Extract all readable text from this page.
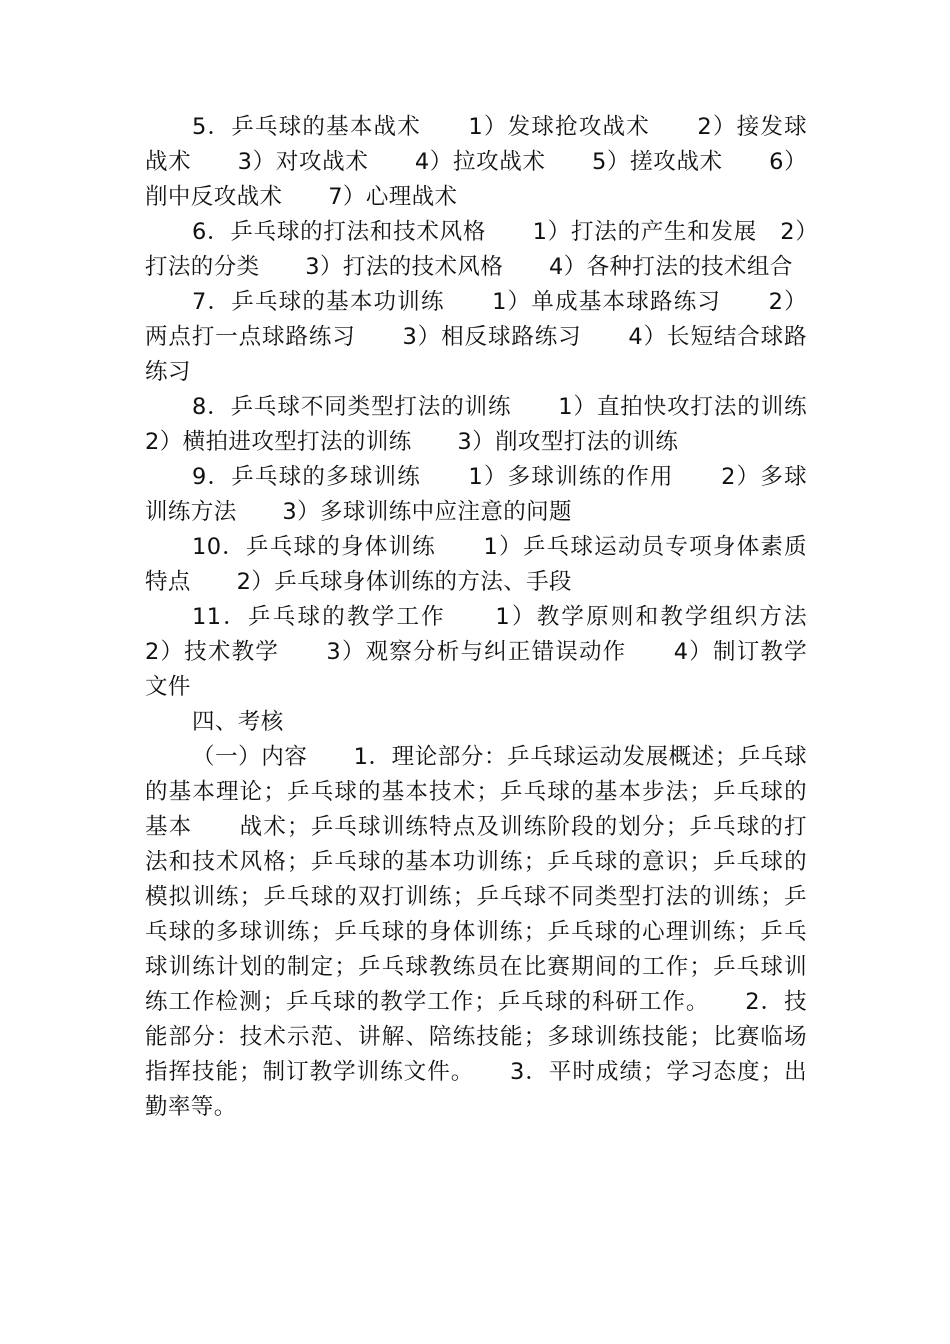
5．乒乓球的基本战术　　1）发球抢攻战术　　2）接发球战术　　3）对攻战术　　4）拉攻战术　　5）搓攻战术　　6）削中反攻战术　　7）心理战术

6．乒乓球的打法和技术风格　　1）打法的产生和发展　2）打法的分类　　3）打法的技术风格　　4）各种打法的技术组合

7．乒乓球的基本功训练　　1）单成基本球路练习　　2）两点打一点球路练习　　3）相反球路练习　　4）长短结合球路练习

8．乒乓球不同类型打法的训练　　1）直拍快攻打法的训练　2）横拍进攻型打法的训练　　3）削攻型打法的训练

9．乒乓球的多球训练　　1）多球训练的作用　　2）多球训练方法　　3）多球训练中应注意的问题

10．乒乓球的身体训练　　1）乒乓球运动员专项身体素质特点　　2）乒乓球身体训练的方法、手段

11．乒乓球的教学工作　　1）教学原则和教学组织方法　2）技术教学　　3）观察分析与纠正错误动作　　4）制订教学文件

四、考核

（一）内容　　1．理论部分：乒乓球运动发展概述；乒乓球的基本理论；乒乓球的基本技术；乒乓球的基本步法；乒乓球的基本　　战术；乒乓球训练特点及训练阶段的划分；乒乓球的打法和技术风格；乒乓球的基本功训练；乒乓球的意识；乒乓球的模拟训练；乒乓球的双打训练；乒乓球不同类型打法的训练；乒乓球的多球训练；乒乓球的身体训练；乒乓球的心理训练；乒乓球训练计划的制定；乒乓球教练员在比赛期间的工作；乒乓球训练工作检测；乒乓球的教学工作；乒乓球的科研工作。　　2．技能部分：技术示范、讲解、陪练技能；多球训练技能；比赛临场指挥技能；制订教学训练文件。　　3．平时成绩；学习态度；出勤率等。
